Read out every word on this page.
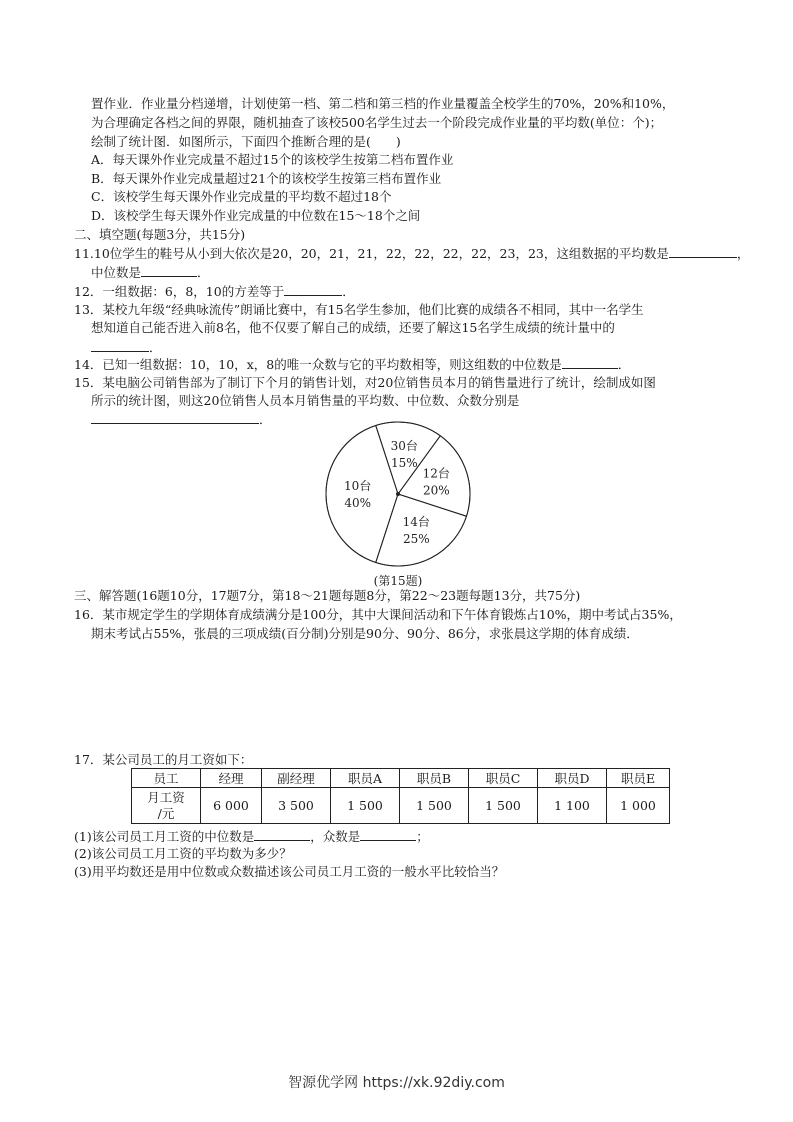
置作业．作业量分档递增，计划使第一档、第二档和第三档的作业量覆盖全校学生的70%，20%和10%，
为合理确定各档之间的界限，随机抽查了该校500名学生过去一个阶段完成作业量的平均数(单位：个)；
绘制了统计图．如图所示，下面四个推断合理的是(　　)
A．每天课外作业完成量不超过15个的该校学生按第二档布置作业
B．每天课外作业完成量超过21个的该校学生按第三档布置作业
C．该校学生每天课外作业完成量的平均数不超过18个
D．该校学生每天课外作业完成量的中位数在15～18个之间
二、填空题(每题3分，共15分)
11.10位学生的鞋号从小到大依次是20，20，21，21，22，22，22，22，23，23，这组数据的平均数是	，
中位数是	．
12．一组数据：6，8，10的方差等于	．
13．某校九年级“经典咏流传”朗诵比赛中，有15名学生参加，他们比赛的成绩各不相同，其中一名学生
想知道自己能否进入前8名，他不仅要了解自己的成绩，还要了解这15名学生成绩的统计量中的
．
14．已知一组数据：10，10，x，8的唯一众数与它的平均数相等，则这组数的中位数是	．
15．某电脑公司销售部为了制订下个月的销售计划，对20位销售员本月的销售量进行了统计，绘制成如图
所示的统计图，则这20位销售人员本月销售量的平均数、中位数、众数分别是
．
30台
15%
12台
20%
14台
25%
10台
40%
(第15题)
三、解答题(16题10分，17题7分，第18～21题每题8分，第22～23题每题13分，共75分)
16．某市规定学生的学期体育成绩满分是100分，其中大课间活动和下午体育锻炼占10%，期中考试占35%，
期末考试占55%，张晨的三项成绩(百分制)分别是90分、90分、86分，求张晨这学期的体育成绩．
17．某公司员工的月工资如下：
员工	经理	副经理	职员A	职员B	职员C	职员D	职员E

月工资
/元	6 000	3 500	1 500	1 500	1 500	1 100	1 000
(1)该公司员工月工资的中位数是	，众数是	；
(2)该公司员工月工资的平均数为多少？
(3)用平均数还是用中位数或众数描述该公司员工月工资的一般水平比较恰当？
智源优学网 https://xk.92diy.com
